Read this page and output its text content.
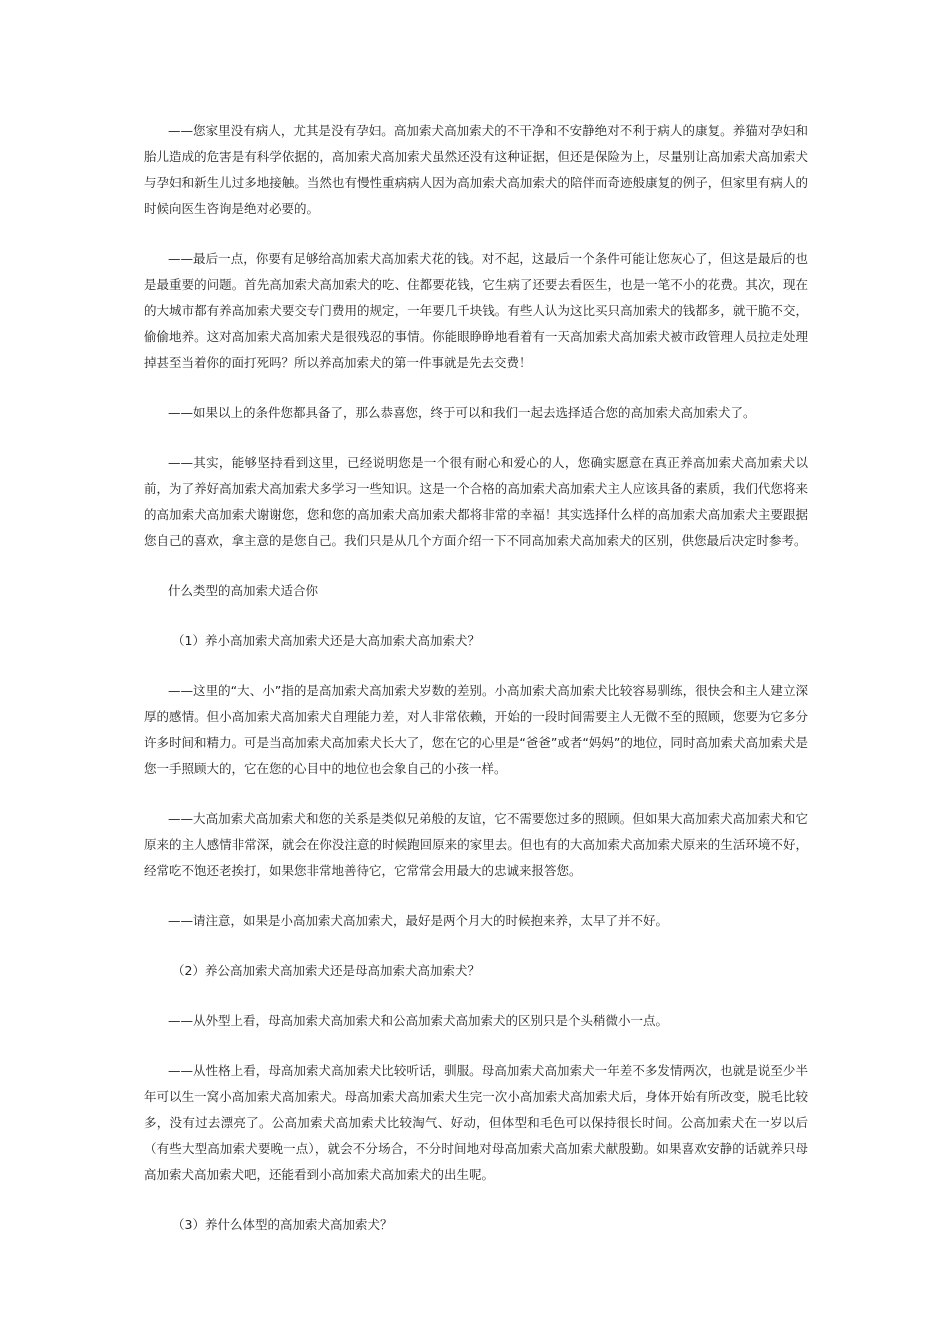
——您家里没有病人，尤其是没有孕妇。高加索犬高加索犬的不干净和不安静绝对不利于病人的康复。养猫对孕妇和胎儿造成的危害是有科学依据的，高加索犬高加索犬虽然还没有这种证据，但还是保险为上，尽量别让高加索犬高加索犬与孕妇和新生儿过多地接触。当然也有慢性重病病人因为高加索犬高加索犬的陪伴而奇迹般康复的例子，但家里有病人的时候向医生咨询是绝对必要的。

——最后一点，你要有足够给高加索犬高加索犬花的钱。对不起，这最后一个条件可能让您灰心了，但这是最后的也是最重要的问题。首先高加索犬高加索犬的吃、住都要花钱，它生病了还要去看医生，也是一笔不小的花费。其次，现在的大城市都有养高加索犬要交专门费用的规定，一年要几千块钱。有些人认为这比买只高加索犬的钱都多，就干脆不交，偷偷地养。这对高加索犬高加索犬是很残忍的事情。你能眼睁睁地看着有一天高加索犬高加索犬被市政管理人员拉走处理掉甚至当着你的面打死吗？所以养高加索犬的第一件事就是先去交费！

——如果以上的条件您都具备了，那么恭喜您，终于可以和我们一起去选择适合您的高加索犬高加索犬了。

——其实，能够坚持看到这里，已经说明您是一个很有耐心和爱心的人，您确实愿意在真正养高加索犬高加索犬以前，为了养好高加索犬高加索犬多学习一些知识。这是一个合格的高加索犬高加索犬主人应该具备的素质，我们代您将来的高加索犬高加索犬谢谢您，您和您的高加索犬高加索犬都将非常的幸福！其实选择什么样的高加索犬高加索犬主要跟据您自己的喜欢，拿主意的是您自己。我们只是从几个方面介绍一下不同高加索犬高加索犬的区别，供您最后决定时参考。

什么类型的高加索犬适合你

（1）养小高加索犬高加索犬还是大高加索犬高加索犬？

——这里的“大、小”指的是高加索犬高加索犬岁数的差别。小高加索犬高加索犬比较容易驯练，很快会和主人建立深厚的感情。但小高加索犬高加索犬自理能力差，对人非常依赖，开始的一段时间需要主人无微不至的照顾，您要为它多分许多时间和精力。可是当高加索犬高加索犬长大了，您在它的心里是“爸爸”或者“妈妈”的地位，同时高加索犬高加索犬是您一手照顾大的，它在您的心目中的地位也会象自己的小孩一样。

——大高加索犬高加索犬和您的关系是类似兄弟般的友谊，它不需要您过多的照顾。但如果大高加索犬高加索犬和它原来的主人感情非常深，就会在你没注意的时候跑回原来的家里去。但也有的大高加索犬高加索犬原来的生活环境不好，经常吃不饱还老挨打，如果您非常地善待它，它常常会用最大的忠诚来报答您。

——请注意，如果是小高加索犬高加索犬，最好是两个月大的时候抱来养，太早了并不好。

（2）养公高加索犬高加索犬还是母高加索犬高加索犬？

——从外型上看，母高加索犬高加索犬和公高加索犬高加索犬的区别只是个头稍微小一点。

——从性格上看，母高加索犬高加索犬比较听话，驯服。母高加索犬高加索犬一年差不多发情两次，也就是说至少半年可以生一窝小高加索犬高加索犬。母高加索犬高加索犬生完一次小高加索犬高加索犬后，身体开始有所改变，脱毛比较多，没有过去漂亮了。公高加索犬高加索犬比较淘气、好动，但体型和毛色可以保持很长时间。公高加索犬在一岁以后（有些大型高加索犬要晚一点），就会不分场合，不分时间地对母高加索犬高加索犬献殷勤。如果喜欢安静的话就养只母高加索犬高加索犬吧，还能看到小高加索犬高加索犬的出生呢。

（3）养什么体型的高加索犬高加索犬？
